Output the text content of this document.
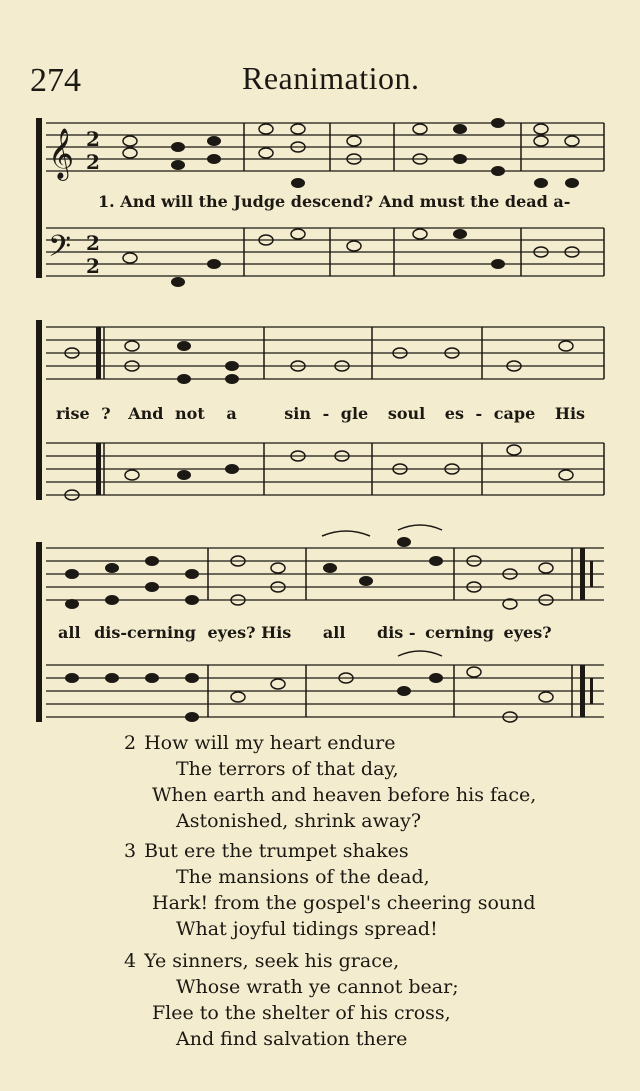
274	Reanimation.
𝄞
𝄢
2
2
2
2
1. And will the Judge descend? And must the dead a-
rise ? And not a	sin - gle soul es - cape His
all dis-cerning eyes? His all dis - cerning eyes?
2 How will my heart endure
The terrors of that day,
When earth and heaven before his face,
Astonished, shrink away?
3 But ere the trumpet shakes
The mansions of the dead,
Hark! from the gospel's cheering sound
What joyful tidings spread!
4 Ye sinners, seek his grace,
Whose wrath ye cannot bear;
Flee to the shelter of his cross,
And find salvation there
